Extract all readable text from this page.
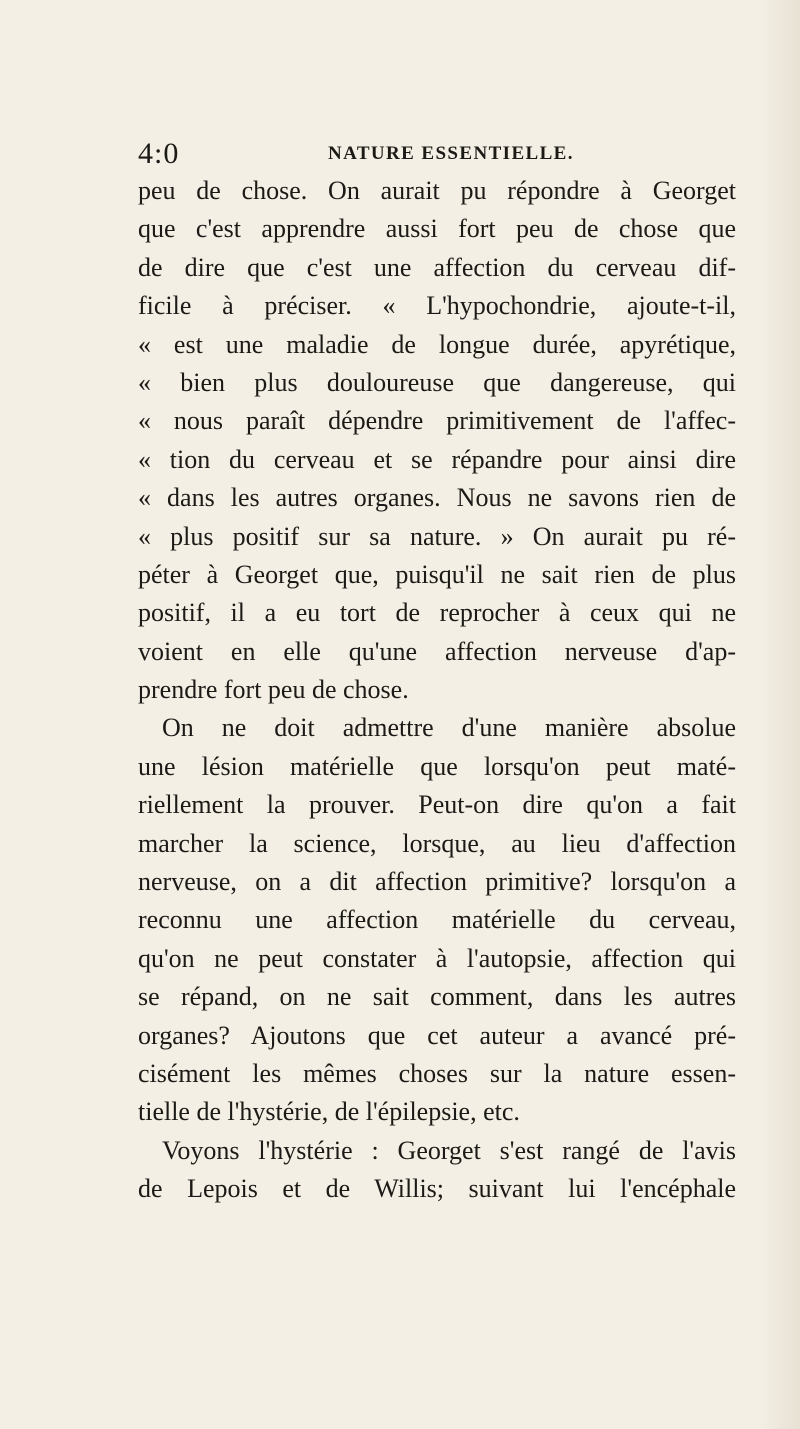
4:0	NATURE ESSENTIELLE.
peu de chose. On aurait pu répondre à Georget
que c'est apprendre aussi fort peu de chose que
de dire que c'est une affection du cerveau dif-
ficile à préciser. « L'hypochondrie, ajoute-t-il,
« est une maladie de longue durée, apyrétique,
« bien plus douloureuse que dangereuse, qui
« nous paraît dépendre primitivement de l'affec-
« tion du cerveau et se répandre pour ainsi dire
« dans les autres organes. Nous ne savons rien de
« plus positif sur sa nature. » On aurait pu ré-
péter à Georget que, puisqu'il ne sait rien de plus
positif, il a eu tort de reprocher à ceux qui ne
voient en elle qu'une affection nerveuse d'ap-
prendre fort peu de chose.
On ne doit admettre d'une manière absolue
une lésion matérielle que lorsqu'on peut maté-
riellement la prouver. Peut-on dire qu'on a fait
marcher la science, lorsque, au lieu d'affection
nerveuse, on a dit affection primitive? lorsqu'on a
reconnu une affection matérielle du cerveau,
qu'on ne peut constater à l'autopsie, affection qui
se répand, on ne sait comment, dans les autres
organes? Ajoutons que cet auteur a avancé pré-
cisément les mêmes choses sur la nature essen-
tielle de l'hystérie, de l'épilepsie, etc.
Voyons l'hystérie : Georget s'est rangé de l'avis
de Lepois et de Willis; suivant lui l'encéphale
